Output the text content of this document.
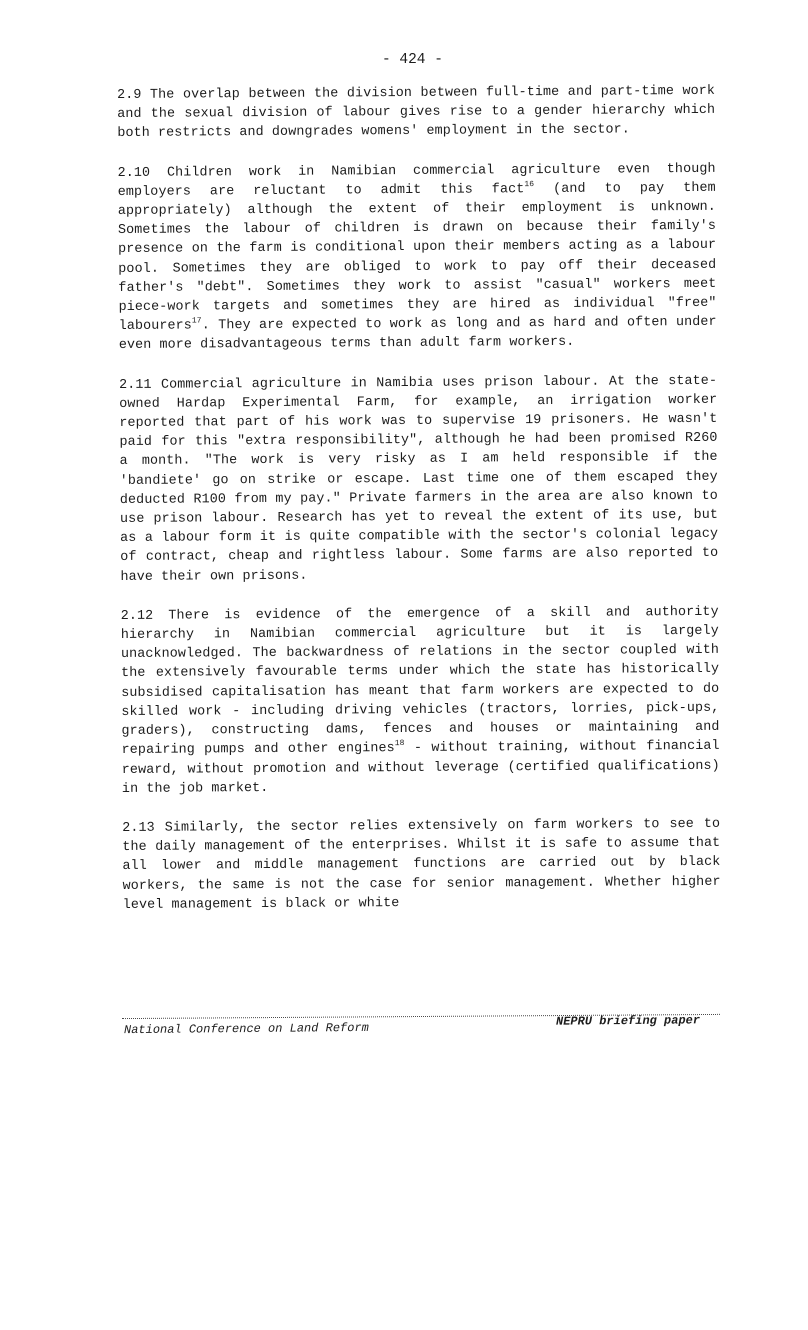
- 424 -

2.9 The overlap between the division between full-time and part-time work and the sexual division of labour gives rise to a gender hierarchy which both restricts and downgrades womens' employment in the sector.

2.10 Children work in Namibian commercial agriculture even though employers are reluctant to admit this fact$^{16}$ (and to pay them appropriately) although the extent of their employment is unknown. Sometimes the labour of children is drawn on because their family's presence on the farm is conditional upon their members acting as a labour pool. Sometimes they are obliged to work to pay off their deceased father's "debt". Sometimes they work to assist "casual" workers meet piece-work targets and sometimes they are hired as individual "free" labourers$^{17}$. They are expected to work as long and as hard and often under even more disadvantageous terms than adult farm workers.

2.11 Commercial agriculture in Namibia uses prison labour. At the state-owned Hardap Experimental Farm, for example, an irrigation worker reported that part of his work was to supervise 19 prisoners. He wasn't paid for this "extra responsibility", although he had been promised R260 a month. "The work is very risky as I am held responsible if the 'bandiete' go on strike or escape. Last time one of them escaped they deducted R100 from my pay." Private farmers in the area are also known to use prison labour. Research has yet to reveal the extent of its use, but as a labour form it is quite compatible with the sector's colonial legacy of contract, cheap and rightless labour. Some farms are also reported to have their own prisons.

2.12 There is evidence of the emergence of a skill and authority hierarchy in Namibian commercial agriculture but it is largely unacknowledged. The backwardness of relations in the sector coupled with the extensively favourable terms under which the state has historically subsidised capitalisation has meant that farm workers are expected to do skilled work - including driving vehicles (tractors, lorries, pick-ups, graders), constructing dams, fences and houses or maintaining and repairing pumps and other engines$^{18}$ - without training, without financial reward, without promotion and without leverage (certified qualifications) in the job market.

2.13 Similarly, the sector relies extensively on farm workers to see to the daily management of the enterprises. Whilst it is safe to assume that all lower and middle management functions are carried out by black workers, the same is not the case for senior management. Whether higher level management is black or white

National Conference on Land Reform	NEPRU briefing paper
